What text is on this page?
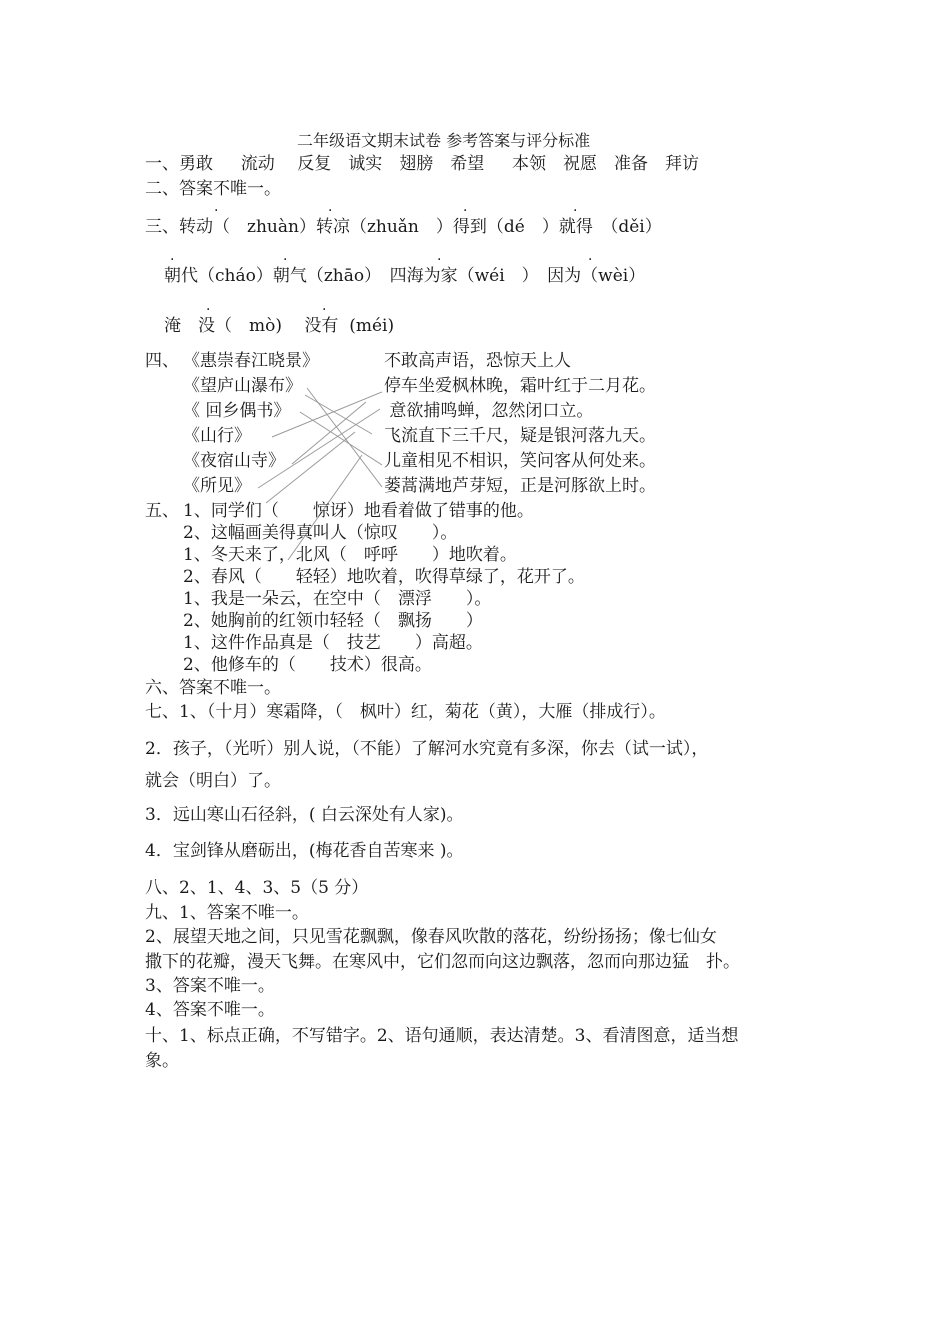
二年级语文期末试卷 参考答案与评分标准
一、勇敢　  流动　 反复　诚实　翅膀　希望　  本领　祝愿　准备　拜访
二、答案不唯一。
·	·	·	·
三、转动（　zhuàn）转凉（zhuǎn　）得到（dé　）就得　（děi）
·	·	·	·
朝代（cháo）朝气（zhāo）　四海为家（wéi　）　因为（wèi）
·	·
淹　没（　mò)　 没有  (méi)
四、 《惠崇春江晓景》
《望庐山瀑布》
《 回乡偶书》
《山行》
《夜宿山寺》
《所见》
不敢高声语，恐惊天上人
停车坐爱枫林晚，霜叶红于二月花。
意欲捕鸣蝉，忽然闭口立。
飞流直下三千尺，疑是银河落九天。
儿童相见不相识，笑问客从何处来。
蒌蒿满地芦芽短，正是河豚欲上时。
五、 1、同学们（　　惊讶）地看着做了错事的他。
2、这幅画美得真叫人（惊叹　　）。
1、冬天来了，北风（　呼呼　　）地吹着。
2、春风（　　轻轻）地吹着，吹得草绿了，花开了。
1、我是一朵云，在空中（　漂浮　　）。
2、她胸前的红领巾轻轻（　飘扬　　）
1、这件作品真是（　技艺　　）高超。
2、他修车的（　　技术）很高。
六、答案不唯一。
七、1、（十月）寒霜降，（　枫叶）红，菊花（黄），大雁（排成行）。
2．孩子，（光听）别人说，（不能）了解河水究竟有多深，你去（试一试），
就会（明白）了。
3．远山寒山石径斜，( 白云深处有人家)。
4．宝剑锋从磨砺出，(梅花香自苦寒来 )。
八、2、1、4、3、5（5 分）
九、1、答案不唯一。
2、展望天地之间，只见雪花飘飘，像春风吹散的落花，纷纷扬扬；像七仙女
撒下的花瓣，漫天飞舞。在寒风中，它们忽而向这边飘落，忽而向那边猛　扑。
3、答案不唯一。
4、答案不唯一。
十、1、标点正确，不写错字。2、语句通顺，表达清楚。3、看清图意，适当想
象。
